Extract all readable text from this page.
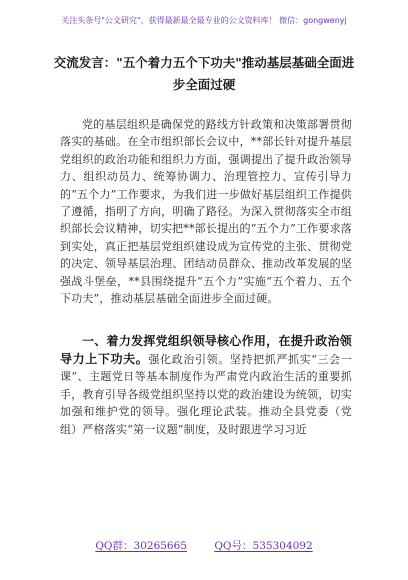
关注头条号"公文研究"，获得最新最全最专业的公文资料库！ 微信：gongwenyj
交流发言："五个着力五个下功夫"推动基层基础全面进
步全面过硬

党的基层组织是确保党的路线方针政策和决策部署贯彻落实的基础。在全市组织部长会议中，**部长针对提升基层党组织的政治功能和组织力方面，强调提出了提升政治领导力、组织动员力、统筹协调力、治理管控力、宣传引导力的“五个力”工作要求，为我们进一步做好基层组织工作提供了遵循，指明了方向，明确了路径。为深入贯彻落实全市组织部长会议精神，切实把**部长提出的“五个力”工作要求落到实处，真正把基层党组织建设成为宣传党的主张、贯彻党的决定、领导基层治理、团结动员群众、推动改革发展的坚强战斗堡垒，**县围绕提升“五个力”实施“五个着力、五个下功夫”，推动基层基础全面进步全面过硬。

一、着力发挥党组织领导核心作用，在提升政治领导力上下功夫。强化政治引领。坚持把抓严抓实“三会一课”、主题党日等基本制度作为严肃党内政治生活的重要抓手，教育引导各级党组织坚持以党的政治建设为统领，切实加强和维护党的领导。强化理论武装。推动全县党委（党组）严格落实“第一议题”制度，及时跟进学习习近

QQ群：30265665	QQ号：535304092
